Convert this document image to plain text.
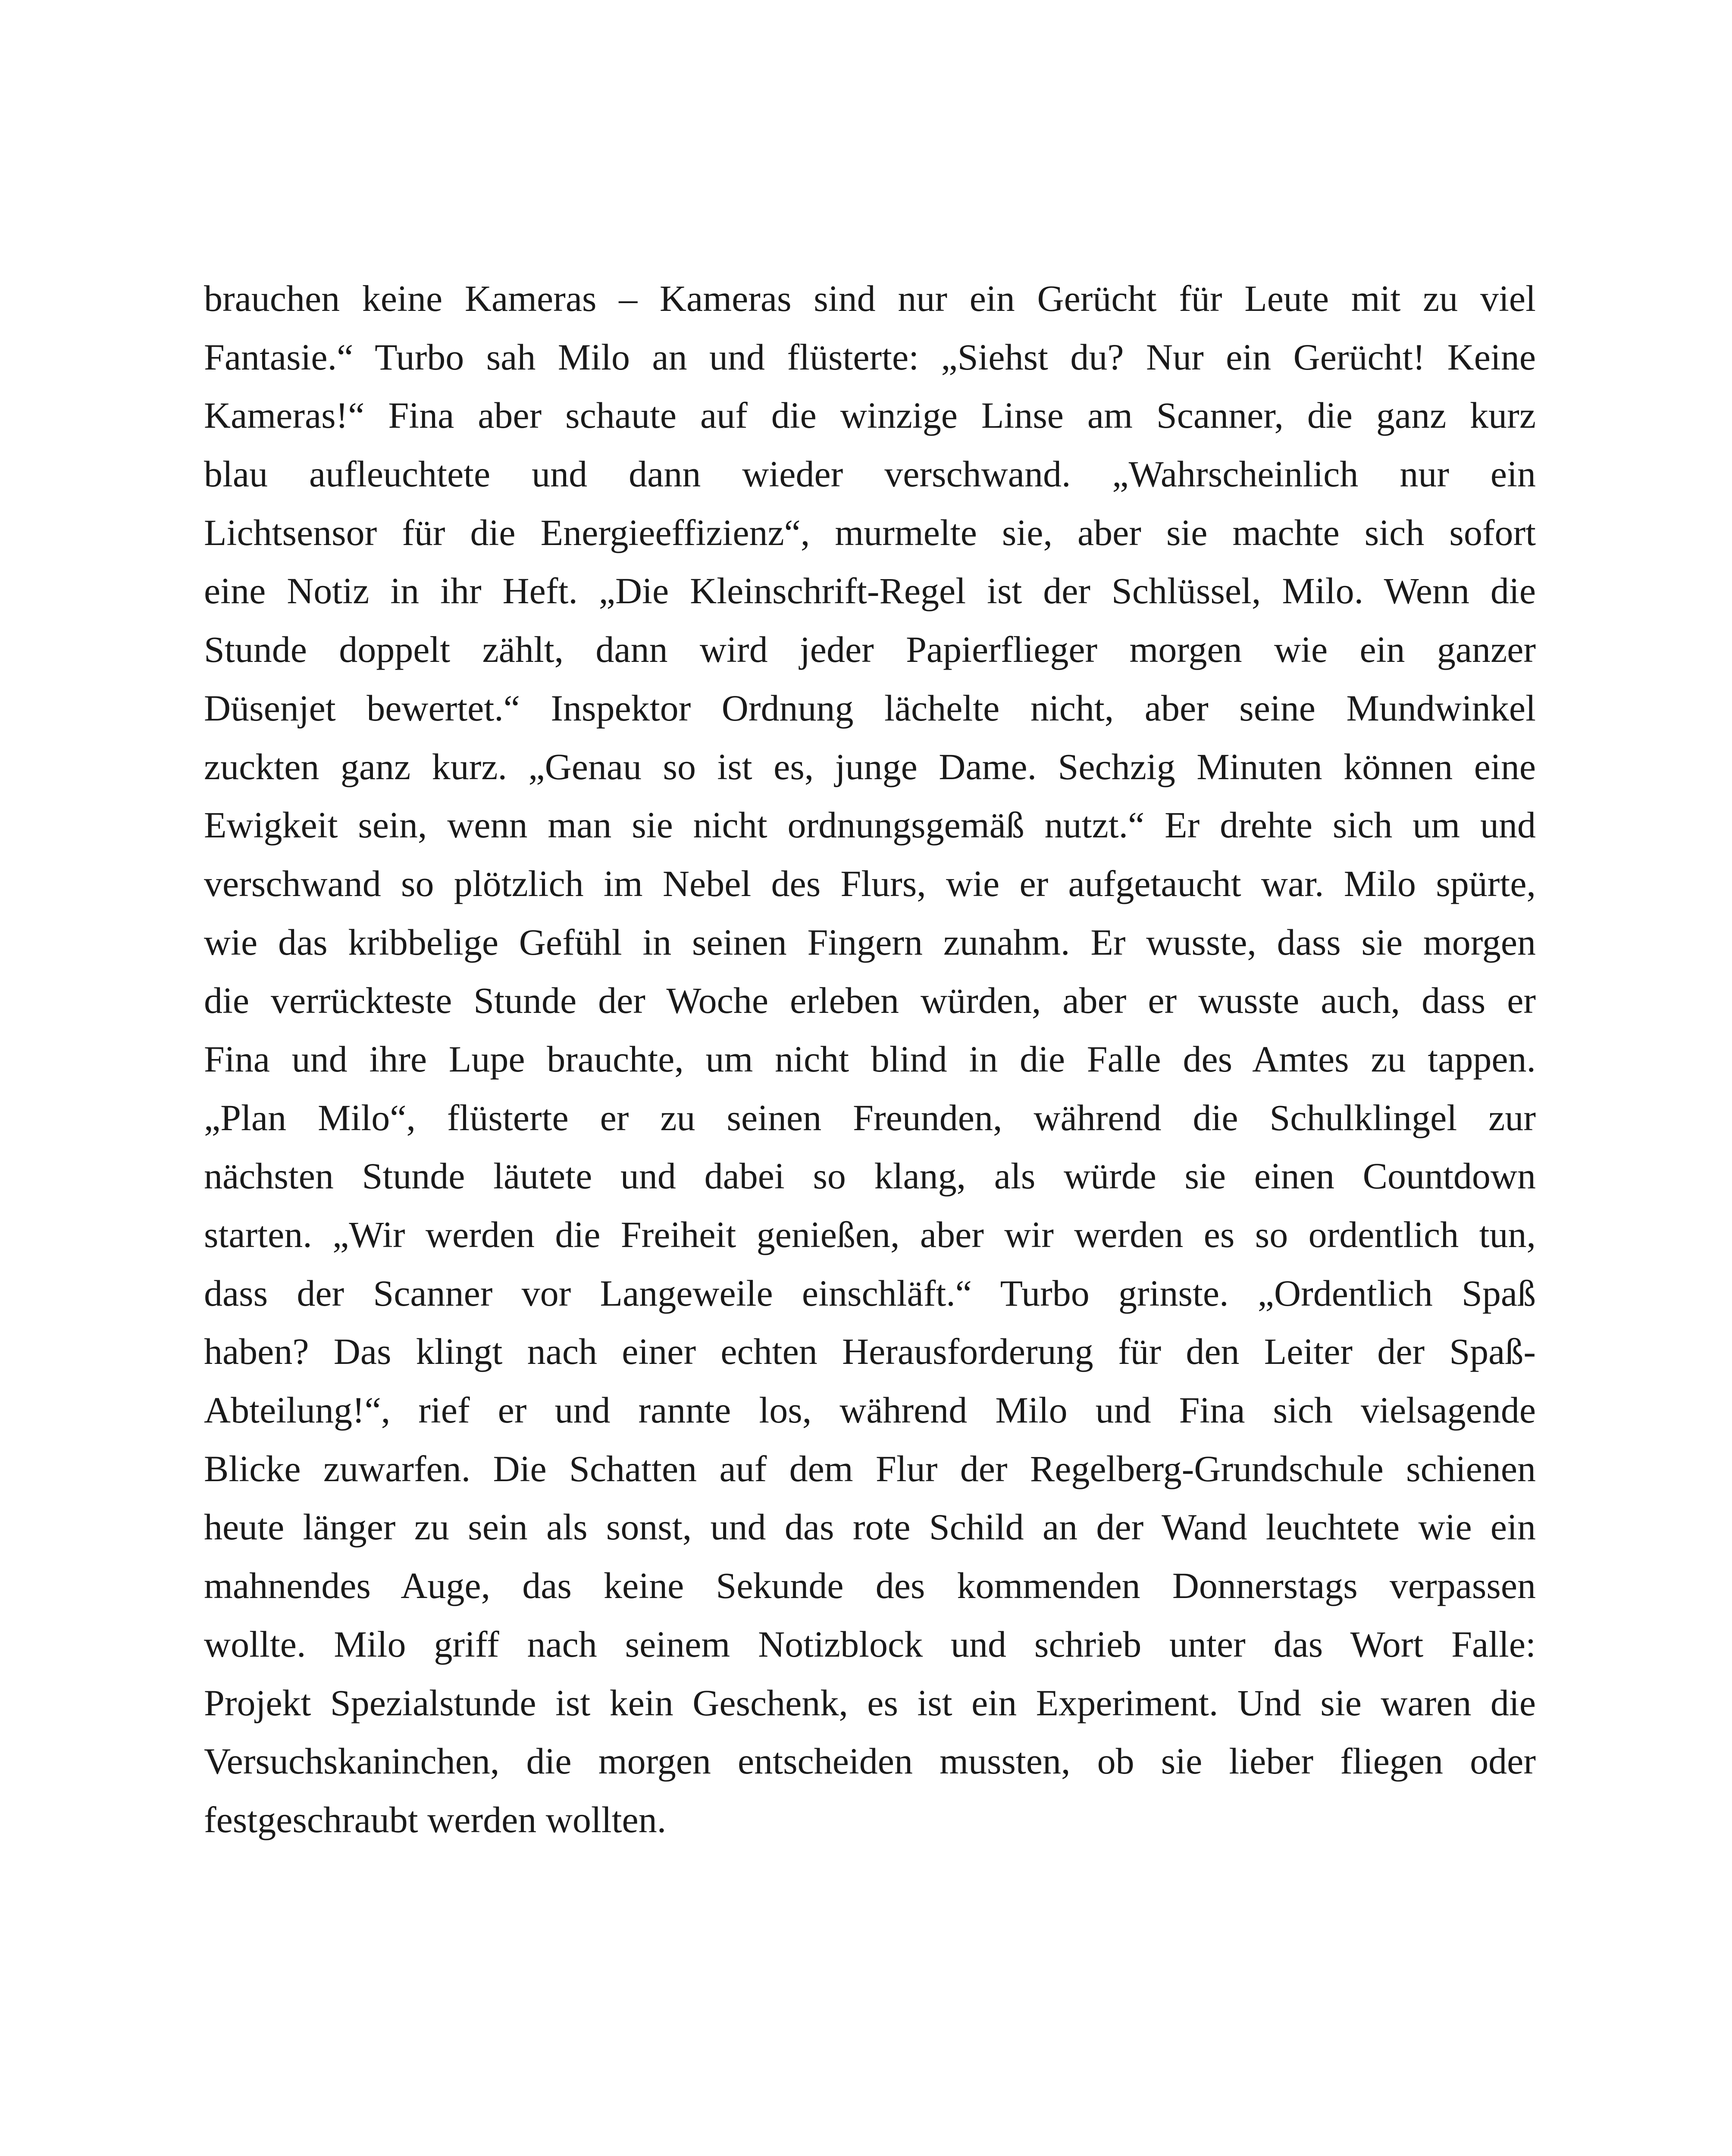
brauchen keine Kameras – Kameras sind nur ein Gerücht für Leute mit zu viel
Fantasie.“ Turbo sah Milo an und flüsterte: „Siehst du? Nur ein Gerücht! Keine
Kameras!“ Fina aber schaute auf die winzige Linse am Scanner, die ganz kurz
blau aufleuchtete und dann wieder verschwand. „Wahrscheinlich nur ein
Lichtsensor für die Energieeffizienz“, murmelte sie, aber sie machte sich sofort
eine Notiz in ihr Heft. „Die Kleinschrift-Regel ist der Schlüssel, Milo. Wenn die
Stunde doppelt zählt, dann wird jeder Papierflieger morgen wie ein ganzer
Düsenjet bewertet.“ Inspektor Ordnung lächelte nicht, aber seine Mundwinkel
zuckten ganz kurz. „Genau so ist es, junge Dame. Sechzig Minuten können eine
Ewigkeit sein, wenn man sie nicht ordnungsgemäß nutzt.“ Er drehte sich um und
verschwand so plötzlich im Nebel des Flurs, wie er aufgetaucht war. Milo spürte,
wie das kribbelige Gefühl in seinen Fingern zunahm. Er wusste, dass sie morgen
die verrückteste Stunde der Woche erleben würden, aber er wusste auch, dass er
Fina und ihre Lupe brauchte, um nicht blind in die Falle des Amtes zu tappen.
„Plan Milo“, flüsterte er zu seinen Freunden, während die Schulklingel zur
nächsten Stunde läutete und dabei so klang, als würde sie einen Countdown
starten. „Wir werden die Freiheit genießen, aber wir werden es so ordentlich tun,
dass der Scanner vor Langeweile einschläft.“ Turbo grinste. „Ordentlich Spaß
haben? Das klingt nach einer echten Herausforderung für den Leiter der Spaß-
Abteilung!“, rief er und rannte los, während Milo und Fina sich vielsagende
Blicke zuwarfen. Die Schatten auf dem Flur der Regelberg-Grundschule schienen
heute länger zu sein als sonst, und das rote Schild an der Wand leuchtete wie ein
mahnendes Auge, das keine Sekunde des kommenden Donnerstags verpassen
wollte. Milo griff nach seinem Notizblock und schrieb unter das Wort Falle:
Projekt Spezialstunde ist kein Geschenk, es ist ein Experiment. Und sie waren die
Versuchskaninchen, die morgen entscheiden mussten, ob sie lieber fliegen oder
festgeschraubt werden wollten.
